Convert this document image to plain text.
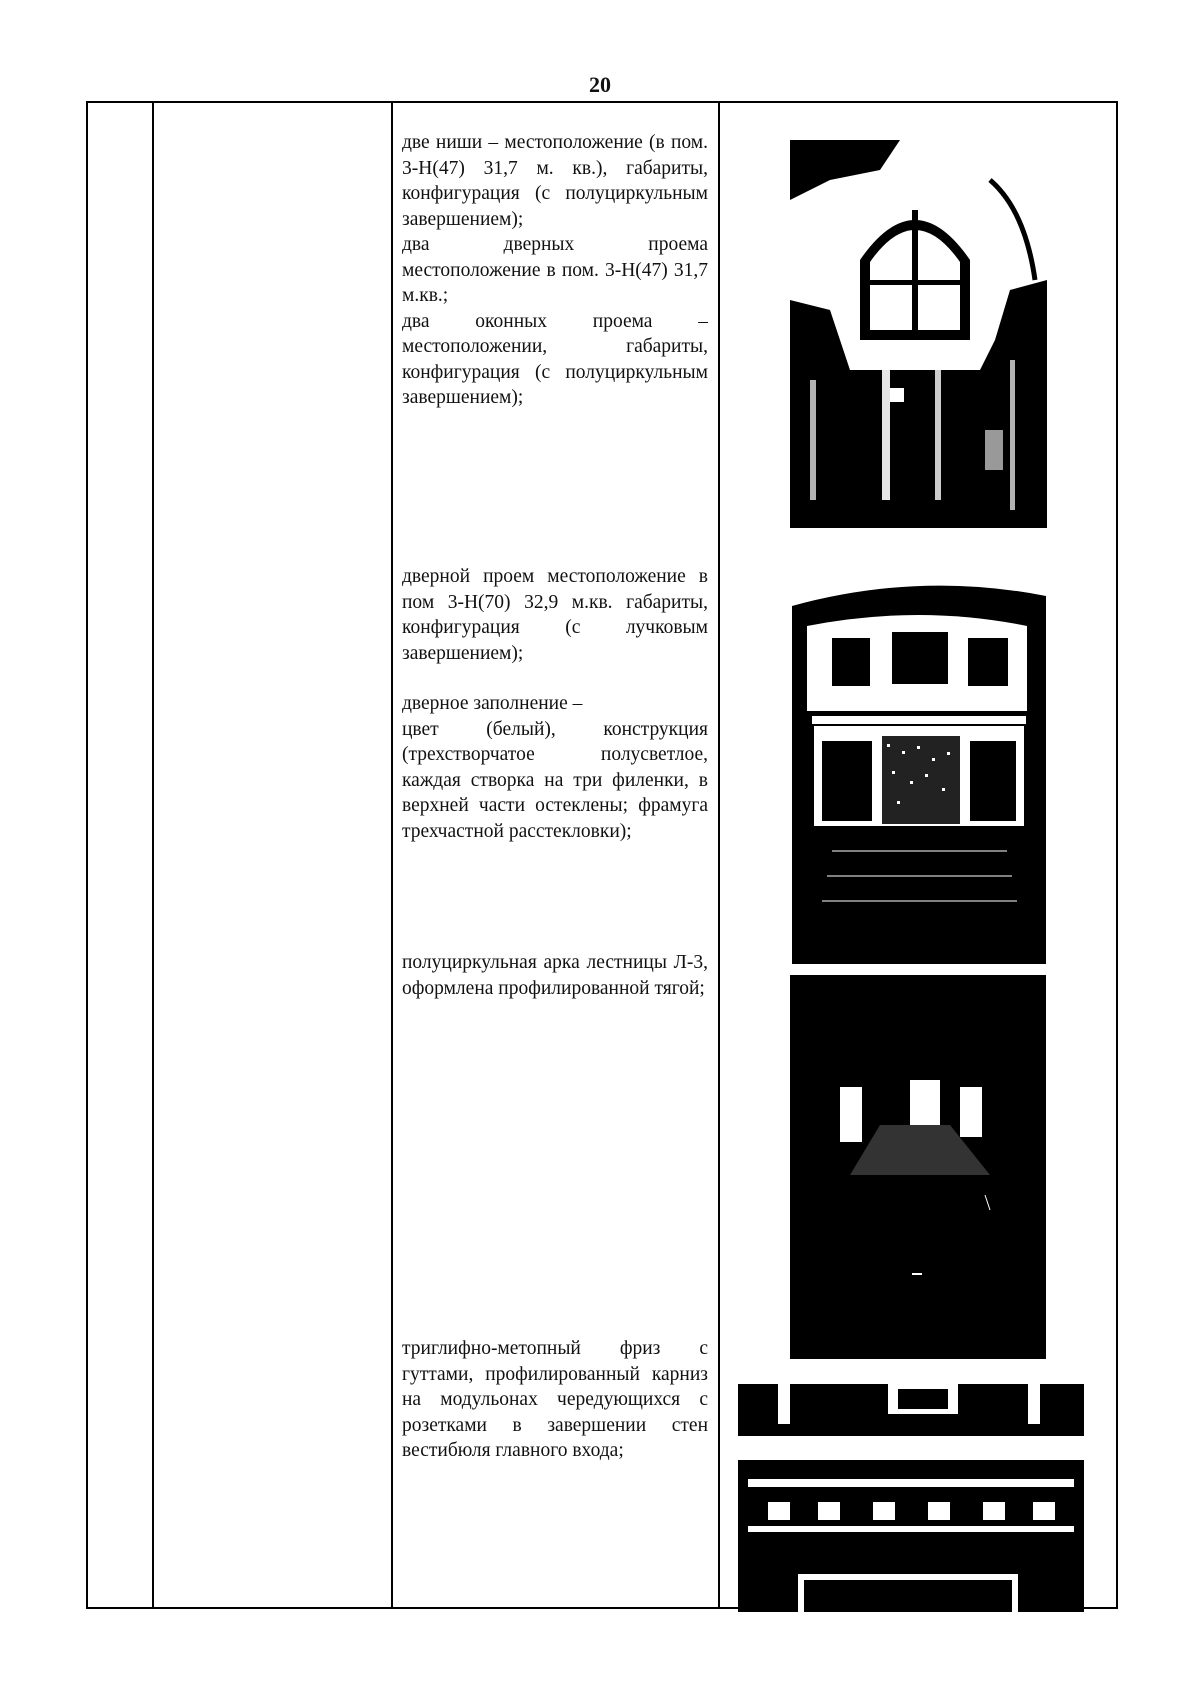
20

две ниши – местоположение (в пом. 3-Н(47) 31,7 м. кв.), габариты, конфигурация (с полуциркульным завершением);

два дверных проема местоположение в пом. 3-Н(47) 31,7 м.кв.;

два оконных проема – местоположении, габариты, конфигурация (с полуциркульным завершением);

дверной проем местоположение в пом 3-Н(70) 32,9 м.кв. габариты, конфигурация (с лучковым завершением);

дверное заполнение –

цвет (белый), конструкция (трехстворчатое полусветлое, каждая створка на три филенки, в верхней части остеклены; фрамуга трехчастной расстекловки);

полуциркульная арка лестницы Л-3, оформлена профилированной тягой;

триглифно-метопный фриз с гуттами, профилированный карниз на модульонах чередующихся с розетками в завершении стен вестибюля главного входа;
